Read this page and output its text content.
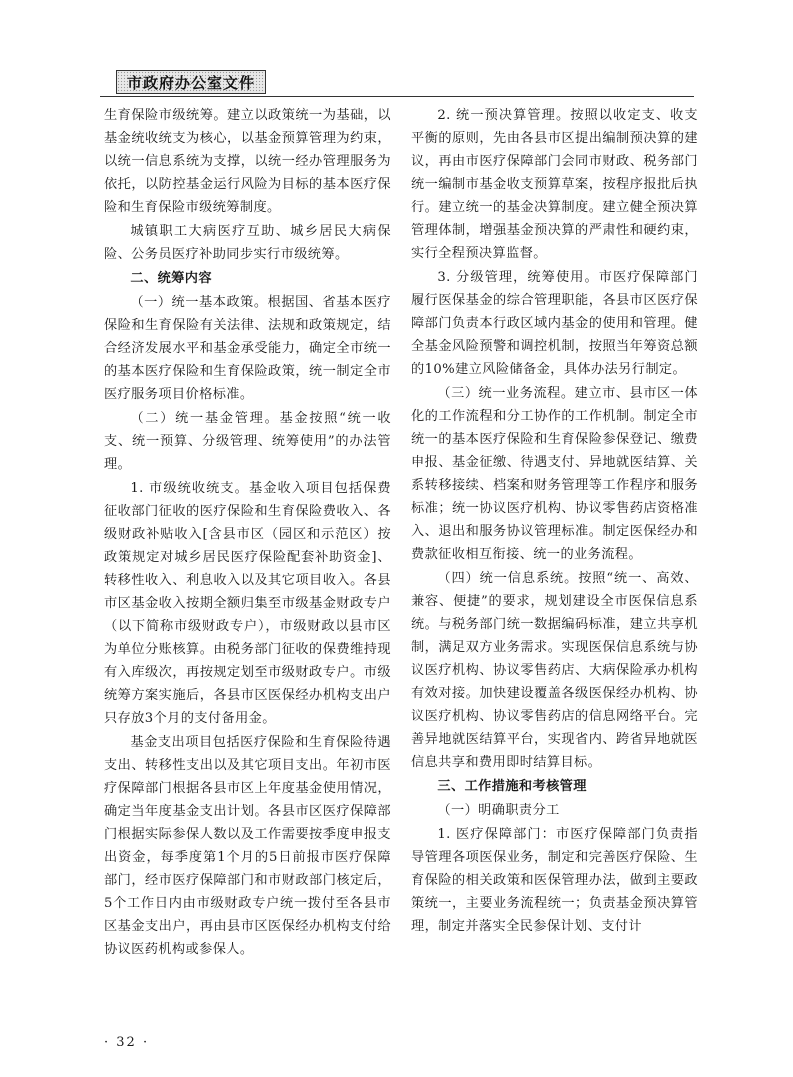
市政府办公室文件

生育保险市级统筹。建立以政策统一为基础，以基金统收统支为核心，以基金预算管理为约束，以统一信息系统为支撑，以统一经办管理服务为依托，以防控基金运行风险为目标的基本医疗保险和生育保险市级统筹制度。

城镇职工大病医疗互助、城乡居民大病保险、公务员医疗补助同步实行市级统筹。

二、统筹内容

（一）统一基本政策。根据国、省基本医疗保险和生育保险有关法律、法规和政策规定，结合经济发展水平和基金承受能力，确定全市统一的基本医疗保险和生育保险政策，统一制定全市医疗服务项目价格标准。

（二）统一基金管理。基金按照“统一收支、统一预算、分级管理、统筹使用”的办法管理。

1. 市级统收统支。基金收入项目包括保费征收部门征收的医疗保险和生育保险费收入、各级财政补贴收入[含县市区（园区和示范区）按政策规定对城乡居民医疗保险配套补助资金]、转移性收入、利息收入以及其它项目收入。各县市区基金收入按期全额归集至市级基金财政专户（以下简称市级财政专户），市级财政以县市区为单位分账核算。由税务部门征收的保费维持现有入库级次，再按规定划至市级财政专户。市级统筹方案实施后，各县市区医保经办机构支出户只存放3个月的支付备用金。

基金支出项目包括医疗保险和生育保险待遇支出、转移性支出以及其它项目支出。年初市医疗保障部门根据各县市区上年度基金使用情况，确定当年度基金支出计划。各县市区医疗保障部门根据实际参保人数以及工作需要按季度申报支出资金，每季度第1个月的5日前报市医疗保障部门，经市医疗保障部门和市财政部门核定后，5个工作日内由市级财政专户统一拨付至各县市区基金支出户，再由县市区医保经办机构支付给协议医药机构或参保人。

2. 统一预决算管理。按照以收定支、收支平衡的原则，先由各县市区提出编制预决算的建议，再由市医疗保障部门会同市财政、税务部门统一编制市基金收支预算草案，按程序报批后执行。建立统一的基金决算制度。建立健全预决算管理体制，增强基金预决算的严肃性和硬约束，实行全程预决算监督。

3. 分级管理，统筹使用。市医疗保障部门履行医保基金的综合管理职能，各县市区医疗保障部门负责本行政区域内基金的使用和管理。健全基金风险预警和调控机制，按照当年筹资总额的10%建立风险储备金，具体办法另行制定。

（三）统一业务流程。建立市、县市区一体化的工作流程和分工协作的工作机制。制定全市统一的基本医疗保险和生育保险参保登记、缴费申报、基金征缴、待遇支付、异地就医结算、关系转移接续、档案和财务管理等工作程序和服务标准；统一协议医疗机构、协议零售药店资格准入、退出和服务协议管理标准。制定医保经办和费款征收相互衔接、统一的业务流程。

（四）统一信息系统。按照“统一、高效、兼容、便捷”的要求，规划建设全市医保信息系统。与税务部门统一数据编码标准，建立共享机制，满足双方业务需求。实现医保信息系统与协议医疗机构、协议零售药店、大病保险承办机构有效对接。加快建设覆盖各级医保经办机构、协议医疗机构、协议零售药店的信息网络平台。完善异地就医结算平台，实现省内、跨省异地就医信息共享和费用即时结算目标。

三、工作措施和考核管理

（一）明确职责分工

1. 医疗保障部门：市医疗保障部门负责指导管理各项医保业务，制定和完善医疗保险、生育保险的相关政策和医保管理办法，做到主要政策统一，主要业务流程统一；负责基金预决算管理，制定并落实全民参保计划、支付计

· 32 ·
